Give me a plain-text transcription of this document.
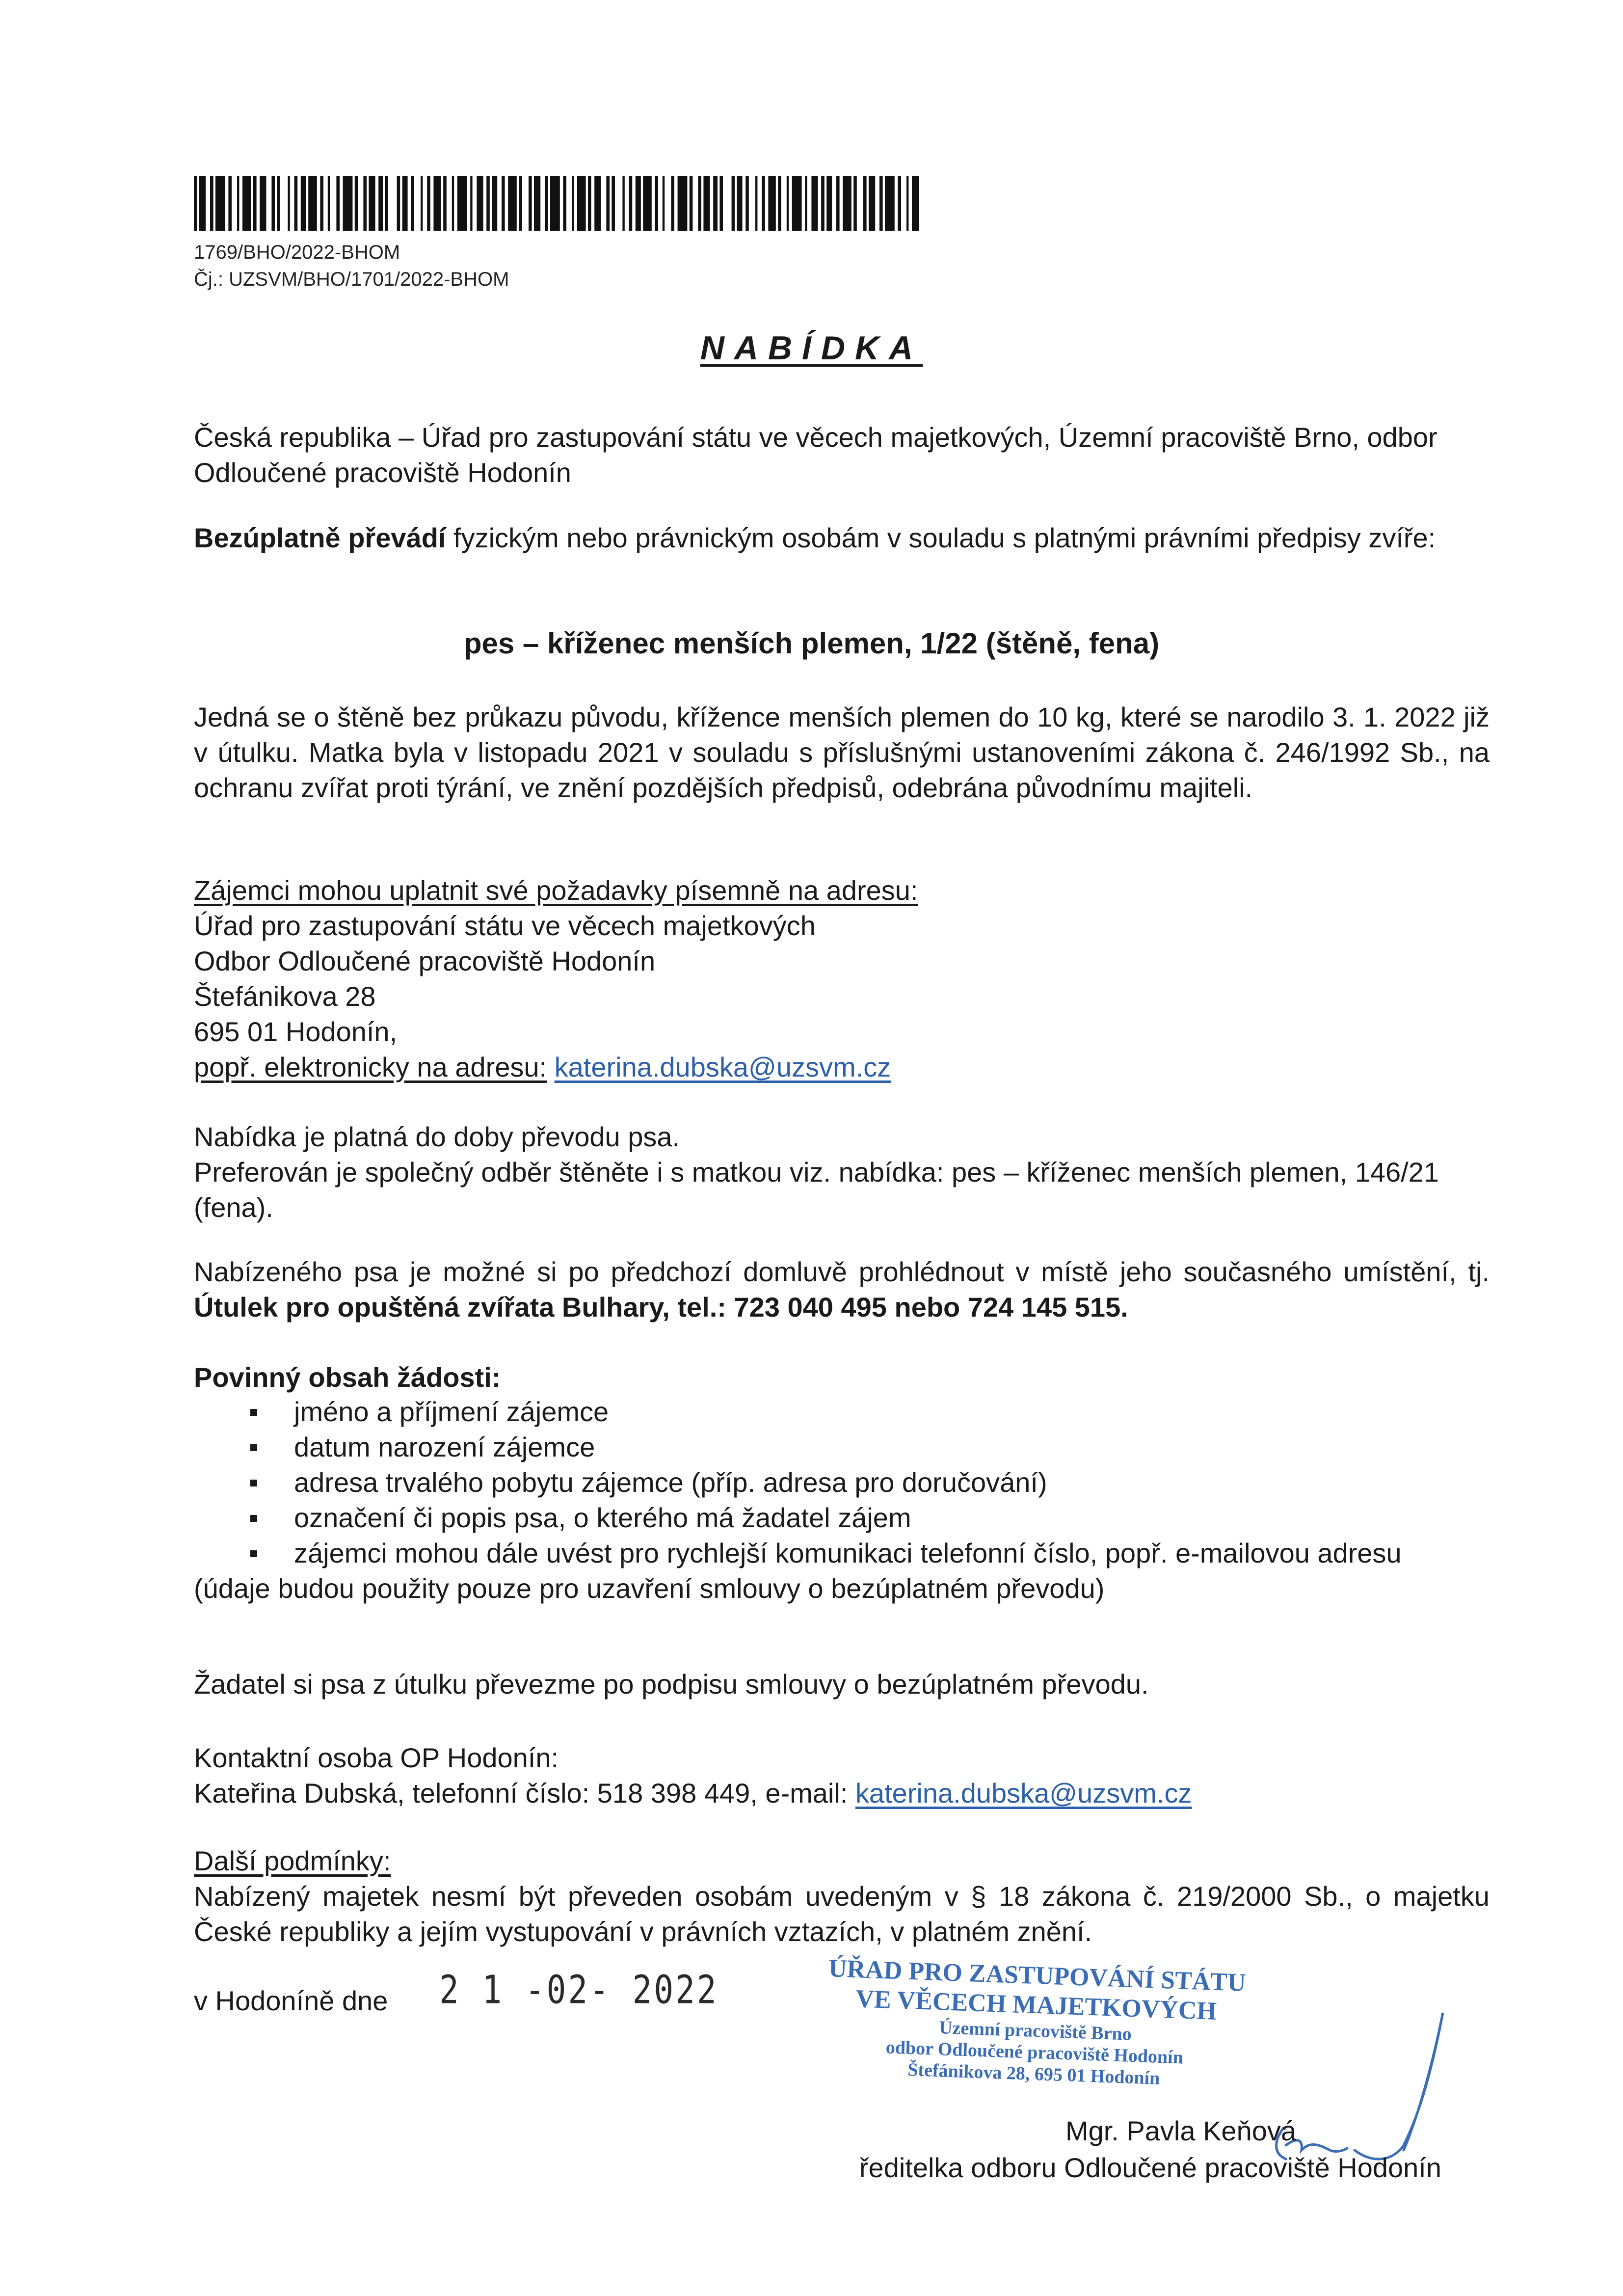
1769/BHO/2022-BHOM
Čj.: UZSVM/BHO/1701/2022-BHOM
NABÍDKA

Česká republika – Úřad pro zastupování státu ve věcech majetkových, Územní pracoviště Brno, odbor Odloučené pracoviště Hodonín

Bezúplatně převádí fyzickým nebo právnickým osobám v souladu s platnými právními předpisy zvíře:

pes – kříženec menších plemen, 1/22 (štěně, fena)

Jedná se o štěně bez průkazu původu, křížence menších plemen do 10 kg, které se narodilo 3. 1. 2022 již v útulku. Matka byla v listopadu 2021 v souladu s příslušnými ustanoveními zákona č. 246/1992 Sb., na ochranu zvířat proti týrání, ve znění pozdějších předpisů, odebrána původnímu majiteli.

Zájemci mohou uplatnit své požadavky písemně na adresu:
Úřad pro zastupování státu ve věcech majetkových
Odbor Odloučené pracoviště Hodonín
Štefánikova 28
695 01 Hodonín,
popř. elektronicky na adresu: katerina.dubska@uzsvm.cz
Nabídka je platná do doby převodu psa.
Preferován je společný odběr štěněte i s matkou viz. nabídka: pes – kříženec menších plemen, 146/21 (fena).

Nabízeného psa je možné si po předchozí domluvě prohlédnout v místě jeho současného umístění, tj. Útulek pro opuštěná zvířata Bulhary, tel.: 723 040 495 nebo 724 145 515.

Povinný obsah žádosti:
jméno a příjmení zájemce
datum narození zájemce
adresa trvalého pobytu zájemce (příp. adresa pro doručování)
označení či popis psa, o kterého má žadatel zájem
zájemci mohou dále uvést pro rychlejší komunikaci telefonní číslo, popř. e-mailovou adresu
(údaje budou použity pouze pro uzavření smlouvy o bezúplatném převodu)
Žadatel si psa z útulku převezme po podpisu smlouvy o bezúplatném převodu.
Kontaktní osoba OP Hodonín:
Kateřina Dubská, telefonní číslo: 518 398 449, e-mail: katerina.dubska@uzsvm.cz
Další podmínky:
Nabízený majetek nesmí být převeden osobám uvedeným v § 18 zákona č. 219/2000 Sb., o majetku České republiky a jejím vystupování v právních vztazích, v platném znění.
v Hodoníně dne	2 1 -02- 2022	ÚŘAD PRO ZASTUPOVÁNÍ STÁTU
VE VĚCECH MAJETKOVÝCH
Územní pracoviště Brno
odbor Odloučené pracoviště Hodonín
Štefánikova 28, 695 01 Hodonín
Mgr. Pavla Keňová
ředitelka odboru Odloučené pracoviště Hodonín
